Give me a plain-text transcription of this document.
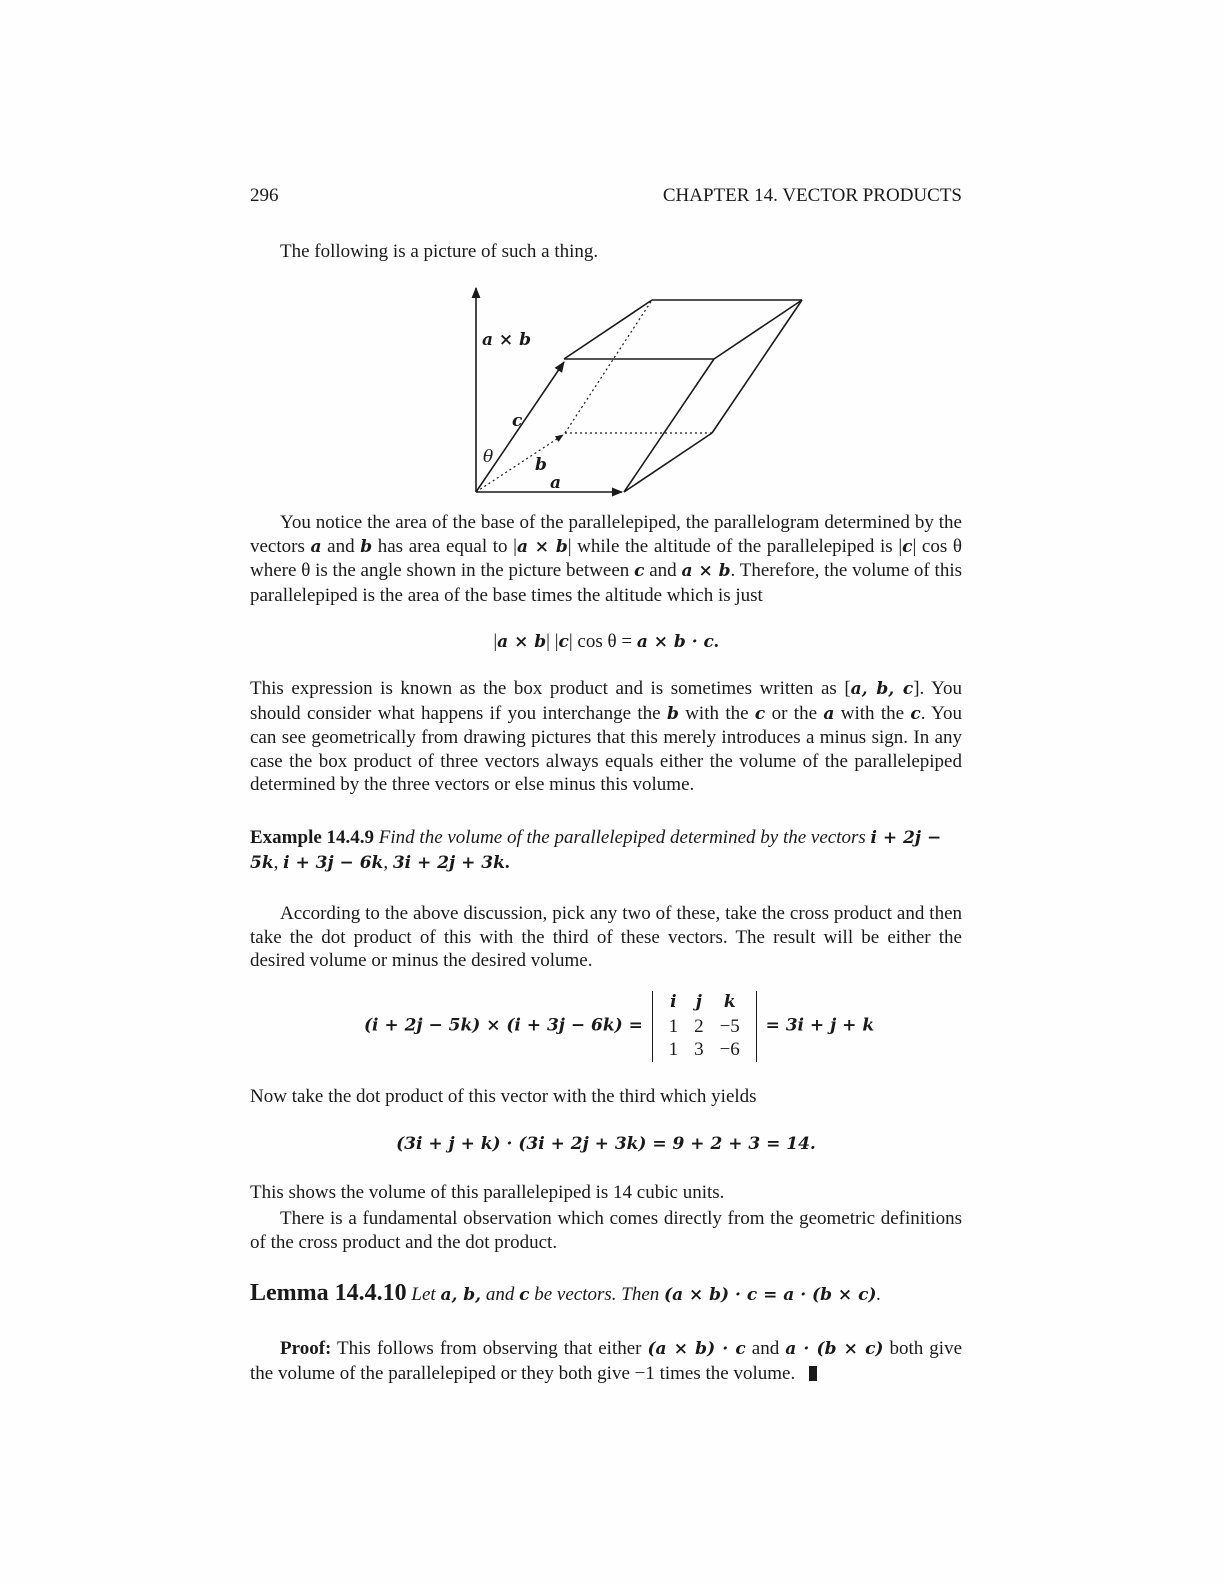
296	CHAPTER 14. VECTOR PRODUCTS
The following is a picture of such a thing.
a × b
c
θ b
a
You notice the area of the base of the parallelepiped, the parallelogram determined by the vectors a and b has area equal to |a × b| while the altitude of the parallelepiped is |c| cos θ where θ is the angle shown in the picture between c and a × b. Therefore, the volume of this parallelepiped is the area of the base times the altitude which is just
|a × b| |c| cos θ = a × b · c.
This expression is known as the box product and is sometimes written as [a, b, c]. You should consider what happens if you interchange the b with the c or the a with the c. You can see geometrically from drawing pictures that this merely introduces a minus sign. In any case the box product of three vectors always equals either the volume of the parallelepiped determined by the three vectors or else minus this volume.
Example 14.4.9 Find the volume of the parallelepiped determined by the vectors i + 2j − 5k, i + 3j − 6k, 3i + 2j + 3k.
According to the above discussion, pick any two of these, take the cross product and then take the dot product of this with the third of these vectors. The result will be either the desired volume or minus the desired volume.
(i + 2j − 5k) × (i + 3j − 6k) =
i	j	k
1	2	−5
1	3	−6
= 3i + j + k
Now take the dot product of this vector with the third which yields
(3i + j + k) · (3i + 2j + 3k) = 9 + 2 + 3 = 14.
This shows the volume of this parallelepiped is 14 cubic units.
There is a fundamental observation which comes directly from the geometric definitions of the cross product and the dot product.
Lemma 14.4.10 Let a, b, and c be vectors. Then (a × b) · c = a · (b × c).
Proof: This follows from observing that either (a × b) · c and a · (b × c) both give the volume of the parallelepiped or they both give −1 times the volume.
